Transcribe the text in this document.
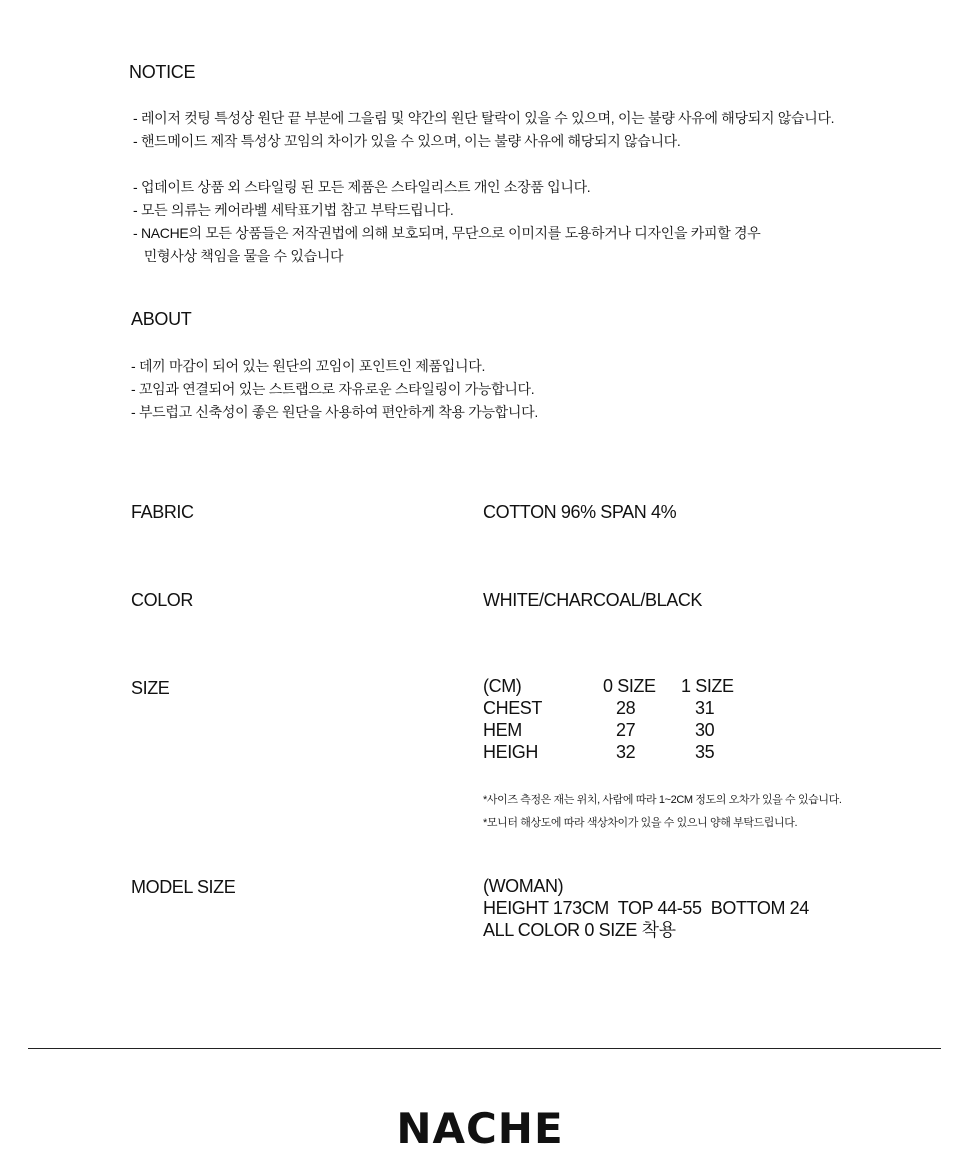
NOTICE
- 레이저 컷팅 특성상 원단 끝 부분에 그을림 및 약간의 원단 탈락이 있을 수 있으며, 이는 불량 사유에 해당되지 않습니다.
- 핸드메이드 제작 특성상 꼬임의 차이가 있을 수 있으며, 이는 불량 사유에 해당되지 않습니다.

- 업데이트 상품 외 스타일링 된 모든 제품은 스타일리스트 개인 소장품 입니다.
- 모든 의류는 케어라벨 세탁표기법 참고 부탁드립니다.
- NACHE의 모든 상품들은 저작권법에 의해 보호되며, 무단으로 이미지를 도용하거나 디자인을 카피할 경우
민형사상 책임을 물을 수 있습니다
ABOUT
- 데끼 마감이 되어 있는 원단의 꼬임이 포인트인 제품입니다.
- 꼬임과 연결되어 있는 스트랩으로 자유로운 스타일링이 가능합니다.
- 부드럽고 신축성이 좋은 원단을 사용하여 편안하게 착용 가능합니다.
FABRIC	COTTON 96% SPAN 4%
COLOR	WHITE/CHARCOAL/BLACK
SIZE	(CM)	0 SIZE 1 SIZE
CHEST	28	31
HEM	27	30
HEIGH	32	35
*사이즈 측정은 재는 위치, 사람에 따라 1~2CM 정도의 오차가 있을 수 있습니다.
*모니터 해상도에 따라 색상차이가 있을 수 있으니 양해 부탁드립니다.
MODEL SIZE	(WOMAN)
HEIGHT 173CM  TOP 44-55  BOTTOM 24
ALL COLOR 0 SIZE 착용
NACHE
